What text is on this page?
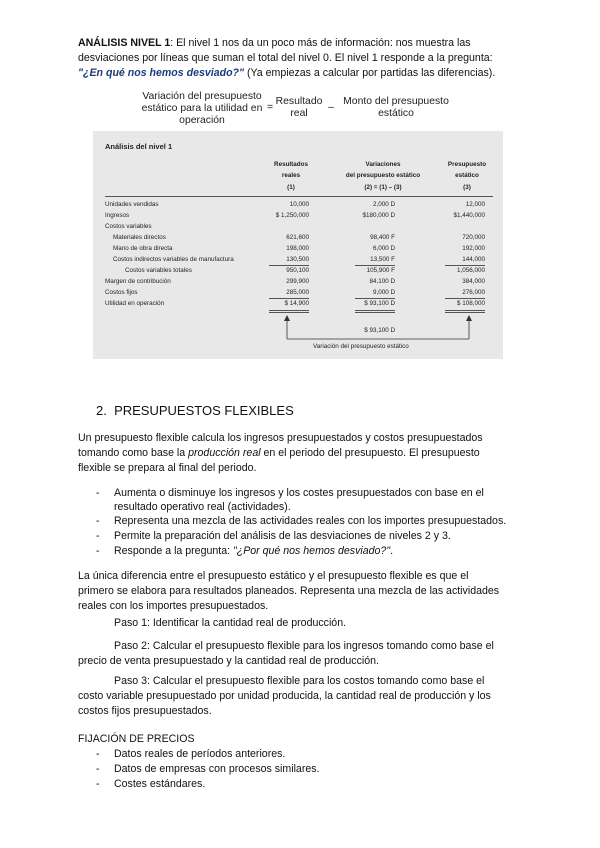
ANÁLISIS NIVEL 1: El nivel 1 nos da un poco más de información: nos muestra las
desviaciones por líneas que suman el total del nivel 0. El nivel 1 responde a la pregunta:
"¿En qué nos hemos desviado?" (Ya empiezas a calcular por partidas las diferencias).
Variación del presupuesto estático para la utilidad en operación
=
Resultado real
–
Monto del presupuesto estático
Análisis del nivel 1
Resultados
reales
(1)
Variaciones
del presupuesto estático
(2) = (1) – (3)
Presupuesto
estático
(3)
Unidades vendidas	10,000	2,000 D	12,000
Ingresos	$ 1,250,000	$180,000 D	$1,440,000
Costos variables
Materiales directos	621,600	98,400 F	720,000
Mano de obra directa	198,000	6,000 D	192,000
Costos indirectos variables de manufactura	130,500	13,500 F	144,000
Costos variables totales	950,100	105,900 F	1,056,000
Margen de contribución	299,900	84,100 D	384,000
Costos fijos	285,000	9,000 D	276,000
Utilidad en operación	$ 14,900	$ 93,100 D	$ 108,000
$ 93,100 D
Variación del presupuesto estático
2. PRESUPUESTOS FLEXIBLES
Un presupuesto flexible calcula los ingresos presupuestados y costos presupuestados
tomando como base la producción real en el periodo del presupuesto. El presupuesto
flexible se prepara al final del periodo.
- Aumenta o disminuye los ingresos y los costes presupuestados con base en el
resultado operativo real (actividades).
- Representa una mezcla de las actividades reales con los importes presupuestados.
- Permite la preparación del análisis de las desviaciones de niveles 2 y 3.
- Responde a la pregunta: "¿Por qué nos hemos desviado?".
La única diferencia entre el presupuesto estático y el presupuesto flexible es que el
primero se elabora para resultados planeados. Representa una mezcla de las actividades
reales con los importes presupuestados.
Paso 1: Identificar la cantidad real de producción.
Paso 2: Calcular el presupuesto flexible para los ingresos tomando como base el
precio de venta presupuestado y la cantidad real de producción.
Paso 3: Calcular el presupuesto flexible para los costos tomando como base el
costo variable presupuestado por unidad producida, la cantidad real de producción y los
costos fijos presupuestados.
FIJACIÓN DE PRECIOS
- Datos reales de períodos anteriores.
- Datos de empresas con procesos similares.
- Costes estándares.
